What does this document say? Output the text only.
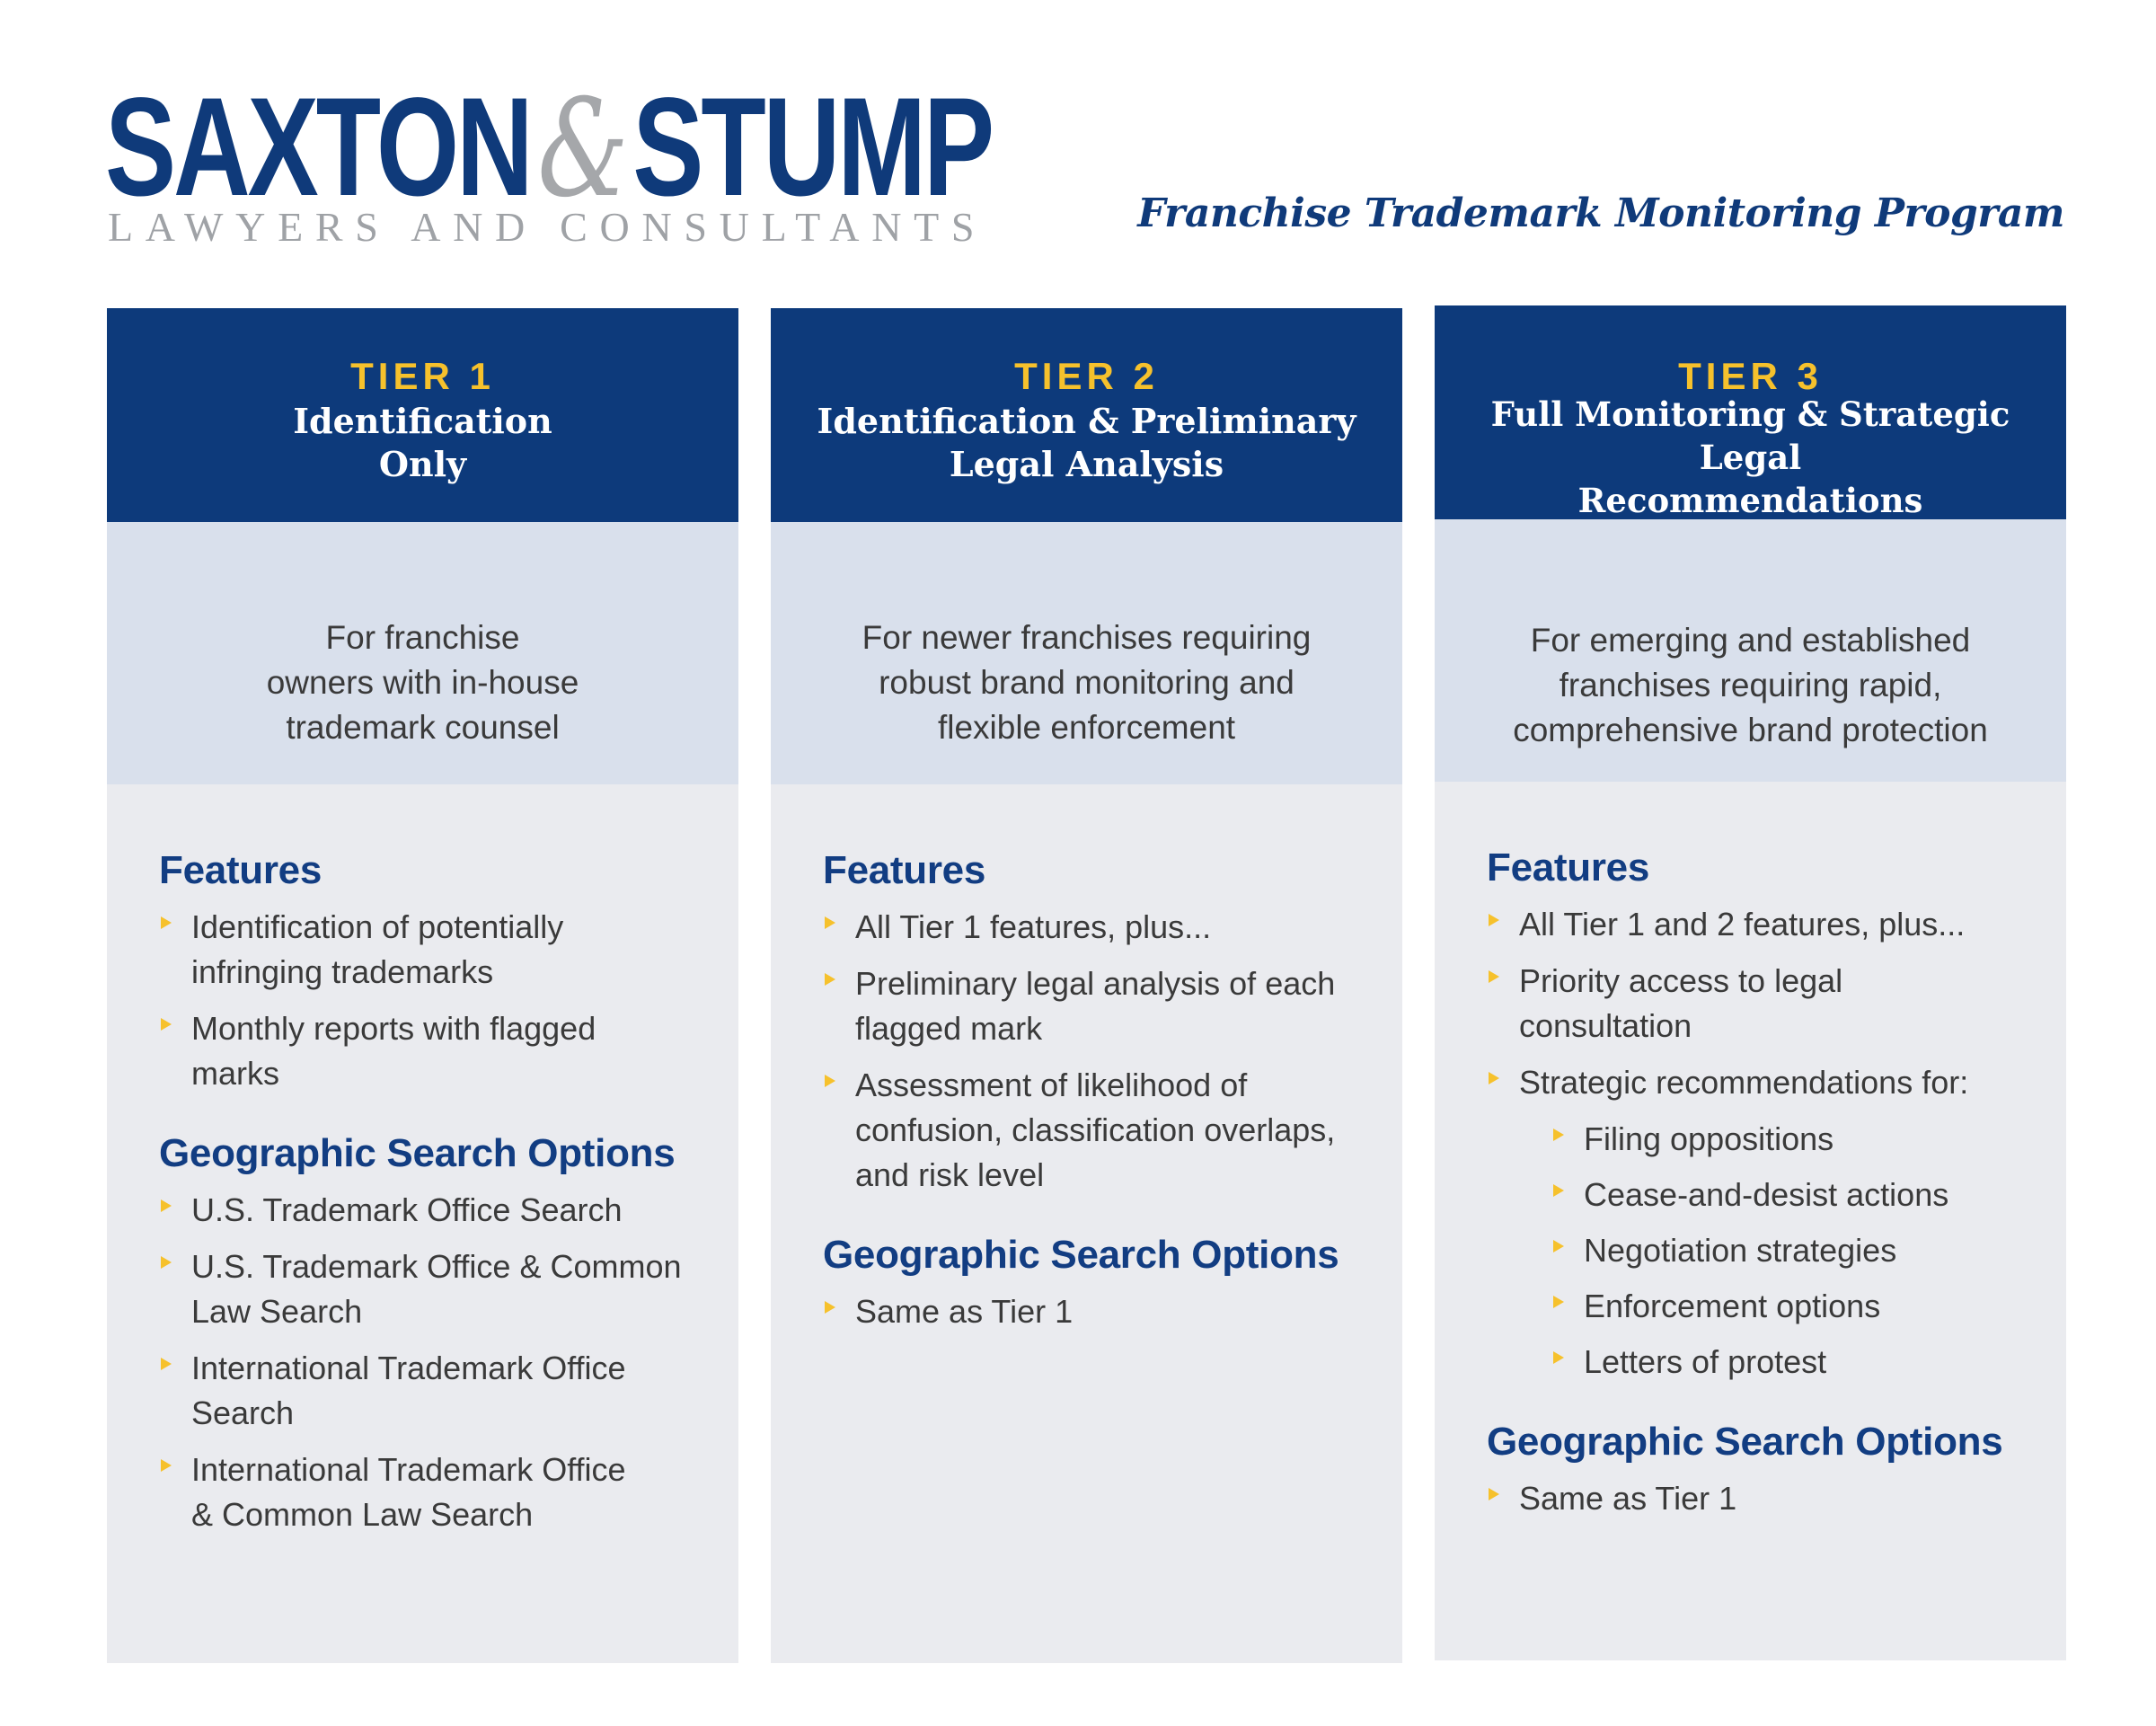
SAXTON&STUMP
LAWYERS AND CONSULTANTS	Franchise Trademark Monitoring Program
TIER 1
Identification
Only
For franchise
owners with in-house
trademark counsel
Features
Identification of potentially
infringing trademarks
Monthly reports with flagged
marks
Geographic Search Options
U.S. Trademark Office Search
U.S. Trademark Office & Common
Law Search
International Trademark Office
Search
International Trademark Office
& Common Law Search
TIER 2
Identification & Preliminary
Legal Analysis
For newer franchises requiring
robust brand monitoring and
flexible enforcement
Features
All Tier 1 features, plus...
Preliminary legal analysis of each
flagged mark
Assessment of likelihood of
confusion, classification overlaps,
and risk level
Geographic Search Options
Same as Tier 1
TIER 3
Full Monitoring & Strategic Legal
Recommendations
For emerging and established
franchises requiring rapid,
comprehensive brand protection
Features
All Tier 1 and 2 features, plus...
Priority access to legal
consultation
Strategic recommendations for:
Filing oppositions
Cease-and-desist actions
Negotiation strategies
Enforcement options
Letters of protest
Geographic Search Options
Same as Tier 1
